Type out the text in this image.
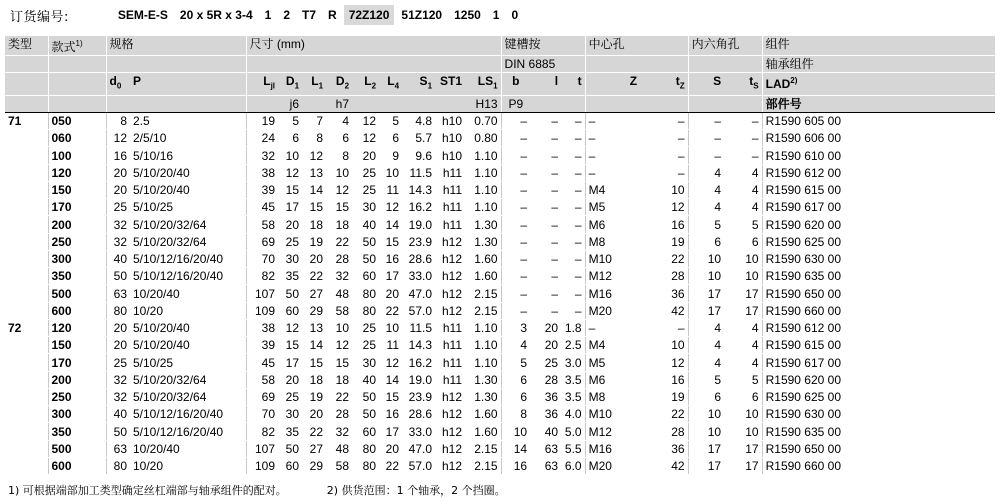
订货编号:	SEM-E-S	20 x 5R x 3-4	1	2	T7	R	72Z120	51Z120	1250	1	0
类型	款式$^{1)}$	规格		尺寸 (mm)									键槽按			中心孔		内六角孔		组件
													DIN 6885							轴承组件
		$d_0$	P	$L_{jl}$	$D_1$	$L_1$	$D_2$	$L_2$	$L_4$	$S_1$	ST1	$LS_1$	b	l	t	Z	$t_Z$	S	$t_S$	LAD$^{2)}$
					j6		h7					H13	P9							部件号
71	050	8	2.5	19	5	7	4	12	5	4.8	h10	0.70	–	–	–	–	–	–	–	R1590 605 00
	060	12	2/5/10	24	6	8	6	12	6	5.7	h10	0.80	–	–	–	–	–	–	–	R1590 606 00
	100	16	5/10/16	32	10	12	8	20	9	9.6	h10	1.10	–	–	–	–	–	–	–	R1590 610 00
	120	20	5/10/20/40	38	12	13	10	25	10	11.5	h11	1.10	–	–	–	–	–	4	4	R1590 612 00
	150	20	5/10/20/40	39	15	14	12	25	11	14.3	h11	1.10	–	–	–	M4	10	4	4	R1590 615 00
	170	25	5/10/25	45	17	15	15	30	12	16.2	h11	1.10	–	–	–	M5	12	4	4	R1590 617 00
	200	32	5/10/20/32/64	58	20	18	18	40	14	19.0	h11	1.30	–	–	–	M6	16	5	5	R1590 620 00
	250	32	5/10/20/32/64	69	25	19	22	50	15	23.9	h12	1.30	–	–	–	M8	19	6	6	R1590 625 00
	300	40	5/10/12/16/20/40	70	30	20	28	50	16	28.6	h12	1.60	–	–	–	M10	22	10	10	R1590 630 00
	350	50	5/10/12/16/20/40	82	35	22	32	60	17	33.0	h12	1.60	–	–	–	M12	28	10	10	R1590 635 00
	500	63	10/20/40	107	50	27	48	80	20	47.0	h12	2.15	–	–	–	M16	36	17	17	R1590 650 00
	600	80	10/20	109	60	29	58	80	22	57.0	h12	2.15	–	–	–	M20	42	17	17	R1590 660 00
72	120	20	5/10/20/40	38	12	13	10	25	10	11.5	h11	1.10	3	20	1.8	–	–	4	4	R1590 612 00
	150	20	5/10/20/40	39	15	14	12	25	11	14.3	h11	1.10	4	20	2.5	M4	10	4	4	R1590 615 00
	170	25	5/10/25	45	17	15	15	30	12	16.2	h11	1.10	5	25	3.0	M5	12	4	4	R1590 617 00
	200	32	5/10/20/32/64	58	20	18	18	40	14	19.0	h11	1.30	6	28	3.5	M6	16	5	5	R1590 620 00
	250	32	5/10/20/32/64	69	25	19	22	50	15	23.9	h12	1.30	6	36	3.5	M8	19	6	6	R1590 625 00
	300	40	5/10/12/16/20/40	70	30	20	28	50	16	28.6	h12	1.60	8	36	4.0	M10	22	10	10	R1590 630 00
	350	50	5/10/12/16/20/40	82	35	22	32	60	17	33.0	h12	1.60	10	40	5.0	M12	28	10	10	R1590 635 00
	500	63	10/20/40	107	50	27	48	80	20	47.0	h12	2.15	14	63	5.5	M16	36	17	17	R1590 650 00
	600	80	10/20	109	60	29	58	80	22	57.0	h12	2.15	16	63	6.0	M20	42	17	17	R1590 660 00
1) 可根据端部加工类型确定丝杠端部与轴承组件的配对。	2) 供货范围：1 个轴承，2 个挡圈。
